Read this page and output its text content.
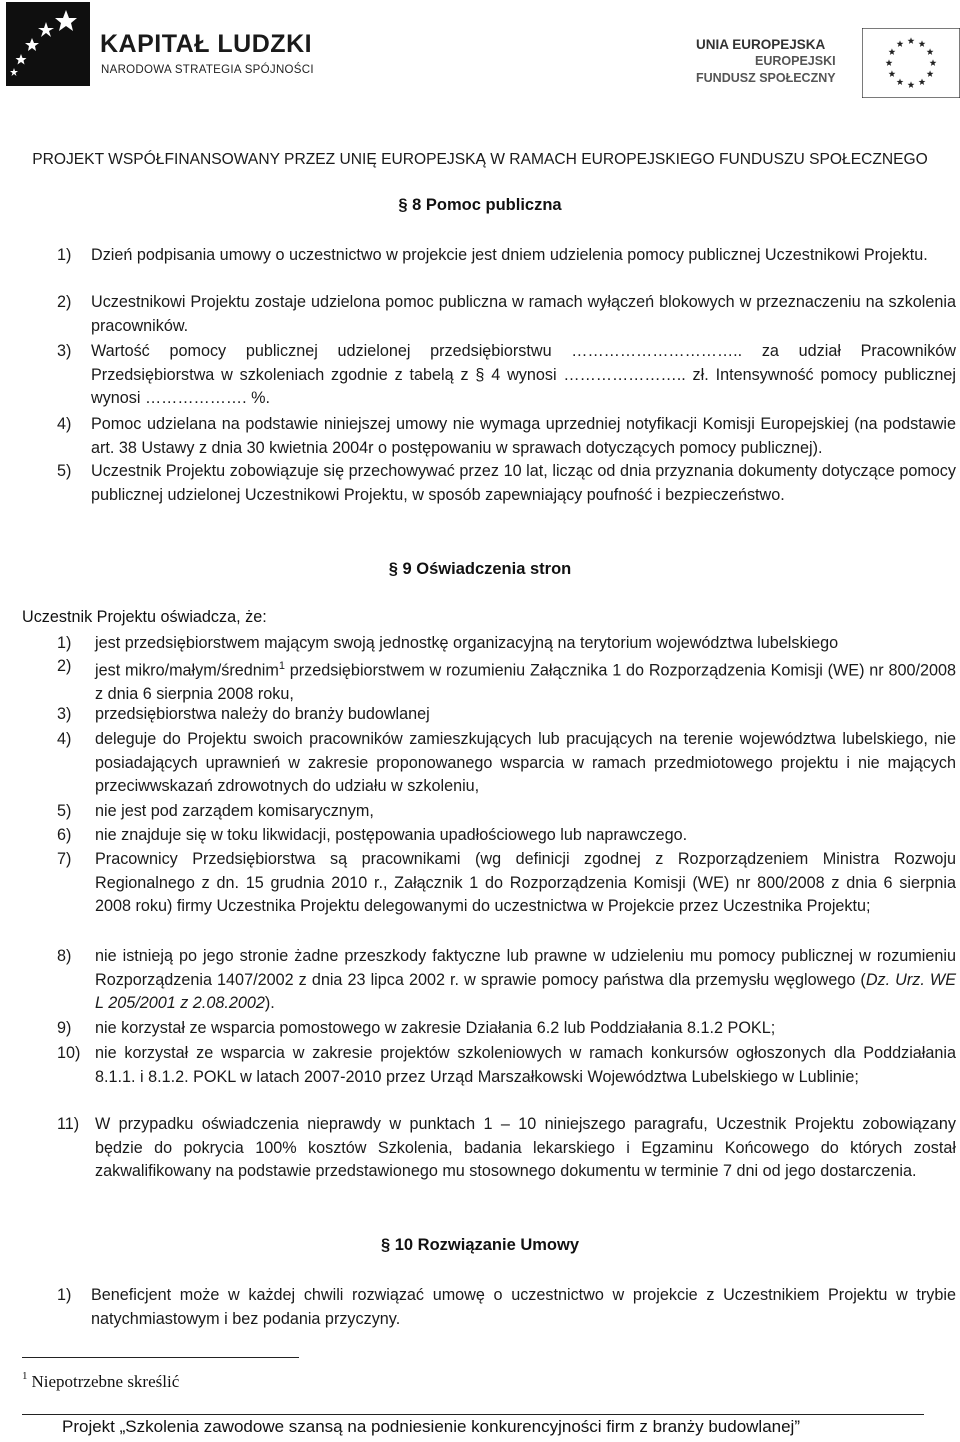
KAPITAŁ LUDZKI
NARODOWA STRATEGIA SPÓJNOŚCI
UNIA EUROPEJSKA
EUROPEJSKI
FUNDUSZ SPOŁECZNY
PROJEKT WSPÓŁFINANSOWANY PRZEZ UNIĘ EUROPEJSKĄ W RAMACH EUROPEJSKIEGO FUNDUSZU SPOŁECZNEGO
§ 8 Pomoc publiczna
1)	Dzień podpisania umowy o uczestnictwo w projekcie jest dniem udzielenia pomocy publicznej Uczestnikowi Projektu.
2)	Uczestnikowi Projektu zostaje udzielona pomoc publiczna w ramach wyłączeń blokowych w przeznaczeniu na szkolenia pracowników.
3)	Wartość pomocy publicznej udzielonej przedsiębiorstwu ………………………….. za udział Pracowników Przedsiębiorstwa w szkoleniach zgodnie z tabelą z § 4 wynosi ………………….. zł. Intensywność pomocy publicznej wynosi ………………. %.
4)	Pomoc udzielana na podstawie niniejszej umowy nie wymaga uprzedniej notyfikacji Komisji Europejskiej (na podstawie art. 38 Ustawy z dnia 30 kwietnia 2004r o postępowaniu w sprawach dotyczących pomocy publicznej).
5)	Uczestnik Projektu zobowiązuje się przechowywać przez 10 lat, licząc od dnia przyznania dokumenty dotyczące pomocy publicznej udzielonej Uczestnikowi Projektu, w sposób zapewniający poufność i bezpieczeństwo.
§ 9 Oświadczenia stron
Uczestnik Projektu oświadcza, że:
1)	jest przedsiębiorstwem mającym swoją jednostkę organizacyjną na terytorium województwa lubelskiego
2)	jest mikro/małym/średnim$^1$ przedsiębiorstwem w rozumieniu Załącznika 1 do Rozporządzenia Komisji (WE) nr 800/2008 z dnia 6 sierpnia 2008 roku,
3)	przedsiębiorstwa należy do branży budowlanej
4)	deleguje do Projektu swoich pracowników zamieszkujących lub pracujących na terenie województwa lubelskiego, nie posiadających uprawnień w zakresie proponowanego wsparcia w ramach przedmiotowego projektu i nie mających przeciwwskazań zdrowotnych do udziału w szkoleniu,
5)	nie jest pod zarządem komisarycznym,
6)	nie znajduje się w toku likwidacji, postępowania upadłościowego lub naprawczego.
7)	Pracownicy Przedsiębiorstwa są pracownikami (wg definicji zgodnej z Rozporządzeniem Ministra Rozwoju Regionalnego z dn. 15 grudnia 2010 r., Załącznik 1 do Rozporządzenia Komisji (WE) nr 800/2008 z dnia 6 sierpnia 2008 roku) firmy Uczestnika Projektu delegowanymi do uczestnictwa w Projekcie przez Uczestnika Projektu;
8)	nie istnieją po jego stronie żadne przeszkody faktyczne lub prawne w udzieleniu mu pomocy publicznej w rozumieniu Rozporządzenia 1407/2002 z dnia 23 lipca 2002 r. w sprawie pomocy państwa dla przemysłu węglowego (Dz. Urz. WE L 205/2001 z 2.08.2002).
9)	nie korzystał ze wsparcia pomostowego w zakresie Działania 6.2 lub Poddziałania 8.1.2 POKL;
10) nie korzystał ze wsparcia w zakresie projektów szkoleniowych w ramach konkursów ogłoszonych dla Poddziałania 8.1.1. i 8.1.2. POKL w latach 2007-2010 przez Urząd Marszałkowski Województwa Lubelskiego w Lublinie;
11) W przypadku oświadczenia nieprawdy w punktach 1 – 10 niniejszego paragrafu, Uczestnik Projektu zobowiązany będzie do pokrycia 100% kosztów Szkolenia, badania lekarskiego i Egzaminu Końcowego do których został zakwalifikowany na podstawie przedstawionego mu stosownego dokumentu w terminie 7 dni od jego dostarczenia.
§ 10 Rozwiązanie Umowy
1)	Beneficjent może w każdej chwili rozwiązać umowę o uczestnictwo w projekcie z Uczestnikiem Projektu w trybie natychmiastowym i bez podania przyczyny.
$^1$ Niepotrzebne skreślić
Projekt „Szkolenia zawodowe szansą na podniesienie konkurencyjności firm z branży budowlanej”
